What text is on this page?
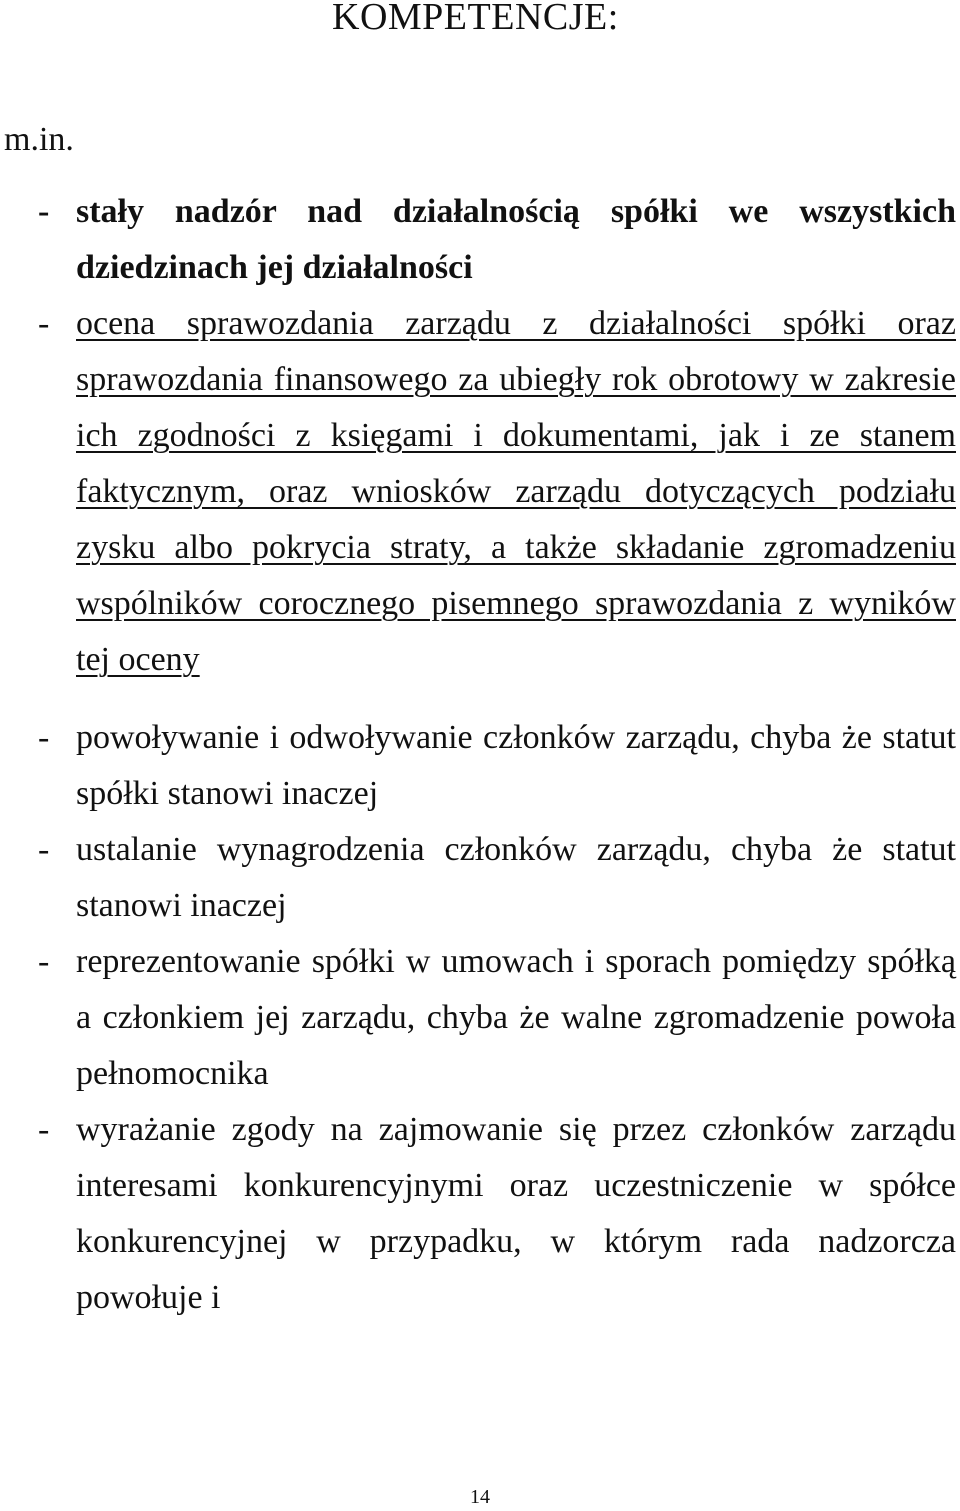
KOMPETENCJE:

m.in.

- stały nadzór nad działalnością spółki we wszystkich dziedzinach jej działalności
- ocena sprawozdania zarządu z działalności spółki oraz sprawozdania finansowego za ubiegły rok obrotowy w zakresie ich zgodności z księgami i dokumentami, jak i ze stanem faktycznym, oraz wniosków zarządu dotyczących podziału zysku albo pokrycia straty, a także składanie zgromadzeniu wspólników corocznego pisemnego sprawozdania z wyników tej oceny
- powoływanie i odwoływanie członków zarządu, chyba że statut spółki stanowi inaczej
- ustalanie wynagrodzenia członków zarządu, chyba że statut stanowi inaczej
- reprezentowanie spółki w umowach i sporach pomiędzy spółką a członkiem jej zarządu, chyba że walne zgromadzenie powoła pełnomocnika
- wyrażanie zgody na zajmowanie się przez członków zarządu interesami konkurencyjnymi oraz uczestniczenie w spółce konkurencyjnej w przypadku, w którym rada nadzorcza powołuje i

14
